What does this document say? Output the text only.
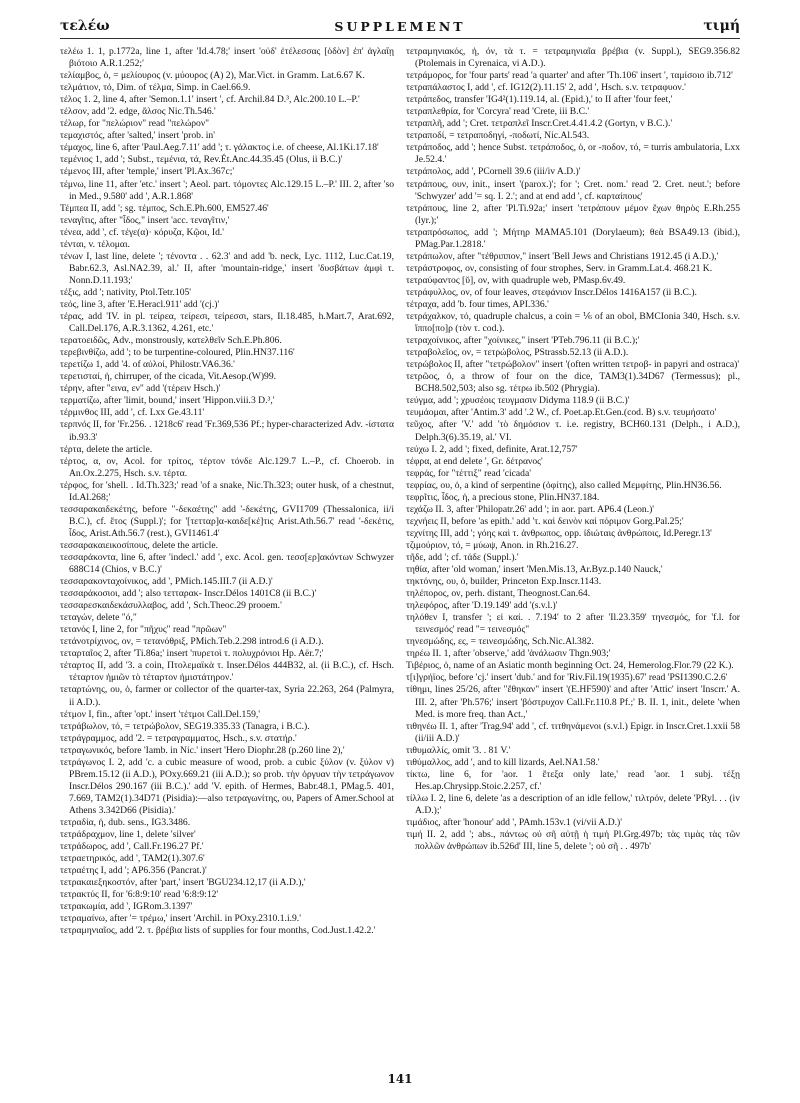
τελέω	SUPPLEMENT	τιμή

τελέω 1. 1, p.1772a, line 1, after 'Id.4.78;' insert 'οὐδ' ἐτέλεσσας [ὁδὸν] ἐπ' ἀγλαΐῃ βιότοιο A.R.1.252;'

τελίαμβος, ὁ, = μελίουρος (v. μύουρος (A) 2), Mar.Vict. in Gramm. Lat.6.67 K.

τελμάτιον, τό, Dim. of τέλμα, Simp. in Cael.66.9.

τέλος 1. 2, line 4, after 'Semon.1.1' insert ', cf. Archil.84 D.³, Alc.200.10 L.–P.'

τέλσον, add '2. edge, ἄλσος Nic.Th.546.'

τέλωρ, for "πελώριον" read "πελώρον"

τεμαχιστός, after 'salted,' insert 'prob. in'

τέμαχος, line 6, after 'Paul.Aeg.7.11' add '; τ. γάλακτος i.e. of cheese, Al.1Ki.17.18'

τεμένιος 1, add '; Subst., τεμένια, τά, Rev.Ét.Anc.44.35.45 (Olus, ii B.C.)'

τέμενος III, after 'temple,' insert 'Pl.Ax.367c;'

τέμνω, line 11, after 'etc.' insert '; Aeol. part. τόμοντες Alc.129.15 L.–P.' III. 2, after 'so in Med., 9.580' add ', A.R.1.868'

Τέμπεα II, add '; sg. τέμπος, Sch.E.Ph.600, EM527.46'

τεναγῖτις, after "ἶδος," insert 'acc. τεναγῖτιν,'

τένεα, add ', cf. τέγε(α)· κόρυζα, Κῷοι, Id.'

τένται, v. τέλομαι.

τένων I, last line, delete '; τένοντα . . 62.3' and add 'b. neck, Lyc. 1112, Luc.Cat.19, Babr.62.3, Asl.NA2.39, al.' II, after 'mountain-ridge,' insert 'δυσβάτων ἀμφὶ τ. Nonn.D.11.193;'

τέξις, add '; nativity, Ptol.Tetr.105'

τεός, line 3, after 'E.Heracl.911' add '(cj.)'

τέρας, add 'IV. in pl. τείρεα, τείρεσι, τείρεσσι, stars, Il.18.485, h.Mart.7, Arat.692, Call.Del.176, A.R.3.1362, 4.261, etc.'

τερατοειδῶς, Adv., monstrously, κατελθεῖν Sch.E.Ph.806.

τερεβινθίζω, add '; to be turpentine-coloured, Plin.HN37.116'

τερετίζω 1, add '4. of αὐλοί, Philostr.VA6.36.'

τερετισταί, ἡ, chirruper, of the cicada, Vit.Aesop.(W)99.

τέρην, after "εινα, εν" add '(τέρειν Hsch.)'

τερματίζω, after 'limit, bound,' insert 'Hippon.viii.3 D.³,'

τέρμινθος III, add ', cf. Lxx Ge.43.11'

τερπνός II, for 'Fr.256. . 1218c6' read 'Fr.369,536 Pf.; hyper-characterized Adv. -ίστατα ib.93.3'

τέρτα, delete the article.

τέρτος, α, ον, Acol. for τρίτος, τέρτον τόνδε Alc.129.7 L.–P., cf. Choerob. in An.Ox.2.275, Hsch. s.v. τέρτα.

τέρφος, for 'shell. . Id.Th.323;' read 'of a snake, Nic.Th.323; outer husk, of a chestnut, Id.Al.268;'

τεσσαρακαιδεκέτης, before "-δεκαέτης" add '-δεκέτης, GVI1709 (Thessalonica, ii/i B.C.), cf. ἔτος (Suppl.)'; for '[τετταρ]α-καιδε[κέ]τις Arist.Ath.56.7' read '-δεκέτις, ἶδος, Arist.Ath.56.7 (rest.), GVI1461.4'

τεσσαρακαιεικοσίπους, delete the article.

τεσσαράκοντα, line 6, after 'indecl.' add ', exc. Acol. gen. τεσσ[ερ]ακόντων Schwyzer 688C14 (Chios, v B.C.)'

τεσσαρακονταχοίνικος, add ', PMich.145.III.7 (ii A.D.)'

τεσσαράκοσιοι, add '; also τετταρακ- Inscr.Délos 1401C8 (ii B.C.)'

τεσσαρεσκαιδεκάσυλλαβος, add ', Sch.Theoc.29 prooem.'

τεταγών, delete "ό,"

τετανός I, line 2, for "πῆχυς" read "πρῶων"

τετάνοτρίχινος, ον, = τετανόθριξ, PMich.Teb.2.298 introd.6 (i A.D.).

τεταρταῖος 2, after 'Ti.86a;' insert 'πυρετοὶ τ. πολυχρόνιοι Hp. Aër.7;'

τέταρτος II, add '3. a coin, Πτολεμαϊκὰ τ. Inser.Délos 444B32, al. (ii B.C.), cf. Hsch. τέταρτον ἡμιῶν τὸ τέταρτον ἡμιστάτηρον.'

τεταρτώνης, ου, ὁ, farmer or collector of the quarter-tax, Syria 22.263, 264 (Palmyra, ii A.D.).

τέτμον I, fin., after 'opt.' insert 'τέτμοι Call.Del.159,'

τετράβωλον, τό, = τετρώβολον, SEG19.335.33 (Tanagra, i B.C.).

τετράγραμμος, add '2. = τετραγραμματος, Hsch., s.v. στατήρ.'

τετραγωνικός, before 'Iamb. in Nic.' insert 'Hero Diophr.28 (p.260 line 2),'

τετράγωνος I. 2, add 'c. a cubic measure of wood, prob. a cubic ξύλον (v. ξύλον v) PBrem.15.12 (ii A.D.), POxy.669.21 (iii A.D.); so prob. τὴν ὀργυαν τὴν τετράγωνον Inscr.Délos 290.167 (iii B.C.).' add 'V. epith. of Hermes, Babr.48.1, PMag.5. 401, 7.669, TAM2(1).34D71 (Pisidia):—also τετραγωνίτης, ου, Papers of Amer.School at Athens 3.342D66 (Pisidia).'

τετραδία, ἡ, dub. sens., IG3.3486.

τετράδραχμον, line 1, delete 'silver'

τετράδωρος, add ', Call.Fr.196.27 Pf.'

τετραετηρικός, add ', TAM2(1).307.6'

τετραέτης I, add '; AP6.356 (Pancrat.)'

τετρακαιεξηκοστόν, after 'part,' insert 'BGU234.12,17 (ii A.D.),'

τετρακτύς II, for '6:8:9:10' read '6:8:9:12'

τετρακωμία, add ', IGRom.3.1397'

τετραμαίνω, after '= τρέμω,' insert 'Archil. in POxy.2310.1.i.9.'

τετραμηνιαῖος, add '2. τ. βρέβια lists of supplies for four months, Cod.Just.1.42.2.'

τετραμηνιακός, ἡ, όν, τὰ τ. = τετραμηνιαῖα βρέβια (v. Suppl.), SEG9.356.82 (Ptolemais in Cyrenaica, vi A.D.).

τετράμορος, for 'four parts' read 'a quarter' and after 'Th.106' insert ', ταμίσοιο ib.712'

τετραπάλαστος I, add ', cf. IG12(2).11.15' 2, add ', Hsch. s.v. τετραφυον.'

τετράπεδος, transfer 'IG4²(1).119.14, al. (Epid.),' to II after 'four feet,'

τετραπλεθρία, for 'Corcyra' read 'Crete, iii B.C.'

τετραπλῆ, add '; Cret. τετραπλεῖ Inscr.Cret.4.41.4.2 (Gortyn, v B.C.).'

τετραποδί, = τετραποδηγί, -ποδωτί, Nic.Al.543.

τετράποδος, add '; hence Subst. τετράποδος, ὁ, or -ποδον, τό, = turris ambulatoria, Lxx Je.52.4.'

τετράπολος, add ', PCornell 39.6 (iii/iv A.D.)'

τετράπους, ουν, init., insert '(parox.)'; for '; Cret. nom.' read '2. Cret. neut.'; before 'Schwyzer' add '= sq. I. 2.'; and at end add ', cf. καρταίπους'

τετράπους, line 2, after 'Pl.Ti.92a;' insert 'τετράπουν μέμον ἔχων θηρὸς E.Rh.255 (lyr.);'

τετραπρόσωπος, add '; Μήτηρ MAMA5.101 (Dorylaeum); θεὰ BSA49.13 (ibid.), PMag.Par.1.2818.'

τετράπωλον, after "τέθριππον," insert 'Bell Jews and Christians 1912.45 (i A.D.),'

τετράστροφος, ον, consisting of four strophes, Serv. in Gramm.Lat.4. 468.21 K.

τετραύφαντος [ῠ], ον, with quadruple web, PMasp.6v.49.

τετράφυλλος, ον, of four leaves, στεφάνιον Inscr.Délos 1416A157 (ii B.C.).

τέτραχα, add 'b. four times, API.336.'

τετράχαλκον, τό, quadruple chalcus, a coin = ⅙ of an obol, BMCIonia 340, Hsch. s.v. ἵππο[πο]ρ (τὸν τ. cod.).

τετραχοίνικος, after "χοίνικες," insert 'PTeb.796.11 (ii B.C.);'

τετραβολεῖος, ον, = τετρώβολος, PStrassb.52.13 (ii A.D.).

τετρώβολος II, after "τετρώβολον" insert '(often written τετροβ- in papyri and ostraca)'

τετρῶος, ὁ, a throw of four on the dice, TAM3(1).34D67 (Termessus); pl., BCH8.502,503; also sg. τέτρω ib.502 (Phrygia).

τεύγμα, add '; χρυσέοις τευγμασιν Didyma 118.9 (ii B.C.)'

τευμάομαι, after 'Antim.3' add '.2 W., cf. Poet.ap.Et.Gen.(cod. B) s.v. τευμήσατο'

τεῦχος, after 'V.' add 'τὸ δημόσιον τ. i.e. registry, BCH60.131 (Delph., i A.D.), Delph.3(6).35.19, al.' VI.

τεύχω I. 2, add '; fixed, definite, Arat.12,757'

τέφρα, at end delete ', Gr. δέτρανος'

τεφράς, for "τέττιξ" read 'cicada'

τεφρίας, ου, ὁ, a kind of serpentine (ὀφίτης), also called Μεμφίτης, Plin.HN36.56.

τεφρῖτις, ἶδος, ἡ, a precious stone, Plin.HN37.184.

τεχάζω II. 3, after 'Philopatr.26' add '; in aor. part. AP6.4 (Leon.)'

τεχνήεις II, before 'as epith.' add 'τ. καὶ δεινὸν καὶ πόριμον Gorg.Pal.25;'

τεχνίτης III, add '; γόης καὶ τ. ἀνθρωπος, opp. ἰδιώταις ἀνθρώποις, Id.Peregr.13'

τζιμούριον, τό, = μύωψ, Anon. in Rh.216.27.

τῆδε, add '; cf. τάδε (Suppl.).'

τηθία, after 'old woman,' insert 'Men.Mis.13, Ar.Byz.p.140 Nauck,'

τηκτόνης, ου, ὁ, builder, Princeton Exp.Inscr.1143.

τηλέπορος, ον, perh. distant, Theognost.Can.64.

τηλεφόρος, after 'D.19.149' add '(s.v.l.)'

τηλόθεν I, transfer '; εἰ καί. . 7.194' to 2 after 'Il.23.359' τηνεσμός, for 'f.l. for τεινεσμός' read "= τεινεσμός"

τηνεσμώδης, ες, = τεινεσμώδης, Sch.Nic.Al.382.

τηρέω II. 1, after 'observe,' add 'ἀνάλωσιν Thgn.903;'

Τιβέριος, ὁ, name of an Asiatic month beginning Oct. 24, Hemerolog.Flor.79 (22 K.).

τ[ι]γρήϊος, before 'cj.' insert 'dub.' and for 'Riv.Fil.19(1935).67' read 'PSI1390.C.2.6'

τίθημι, lines 25/26, after "ἔθηκαν" insert '(E.HF590)' and after 'Attic' insert 'Inscrr.' A. III. 2, after 'Ph.576;' insert 'βόστρυχον Call.Fr.110.8 Pf.;' B. II. 1, init., delete 'when Med. is more freq. than Act.,'

τιθηνέω II. 1, after 'Trag.94' add ', cf. τιτθηνάμενοι (s.v.l.) Epigr. in Inscr.Cret.1.xxii 58 (ii/iii A.D.)'

τιθυμαλλίς, omit '3. . 81 V.'

τιθύμαλλος, add ', and to kill lizards, Ael.NA1.58.'

τίκτω, line 6, for 'aor. 1 ἔτεξα only late,' read 'aor. 1 subj. τέξῃ Hes.ap.Chrysipp.Stoic.2.257, cf.'

τίλλω I. 2, line 6, delete 'as a description of an idle fellow,' τιλτρόν, delete 'PRyl. . . (iv A.D.);'

τιμάδιος, after 'honour' add ', PAmh.153v.1 (vi/vii A.D.)'

τιμή II. 2, add '; abs., πάντως οὐ σῆ αὐτῇ ἡ τιμή Pl.Grg.497b; τὰς τιμὰς τὰς τῶν πολλῶν ἀνθρώπων ib.526d' III, line 5, delete '; οὐ σῆ . . 497b'

141
